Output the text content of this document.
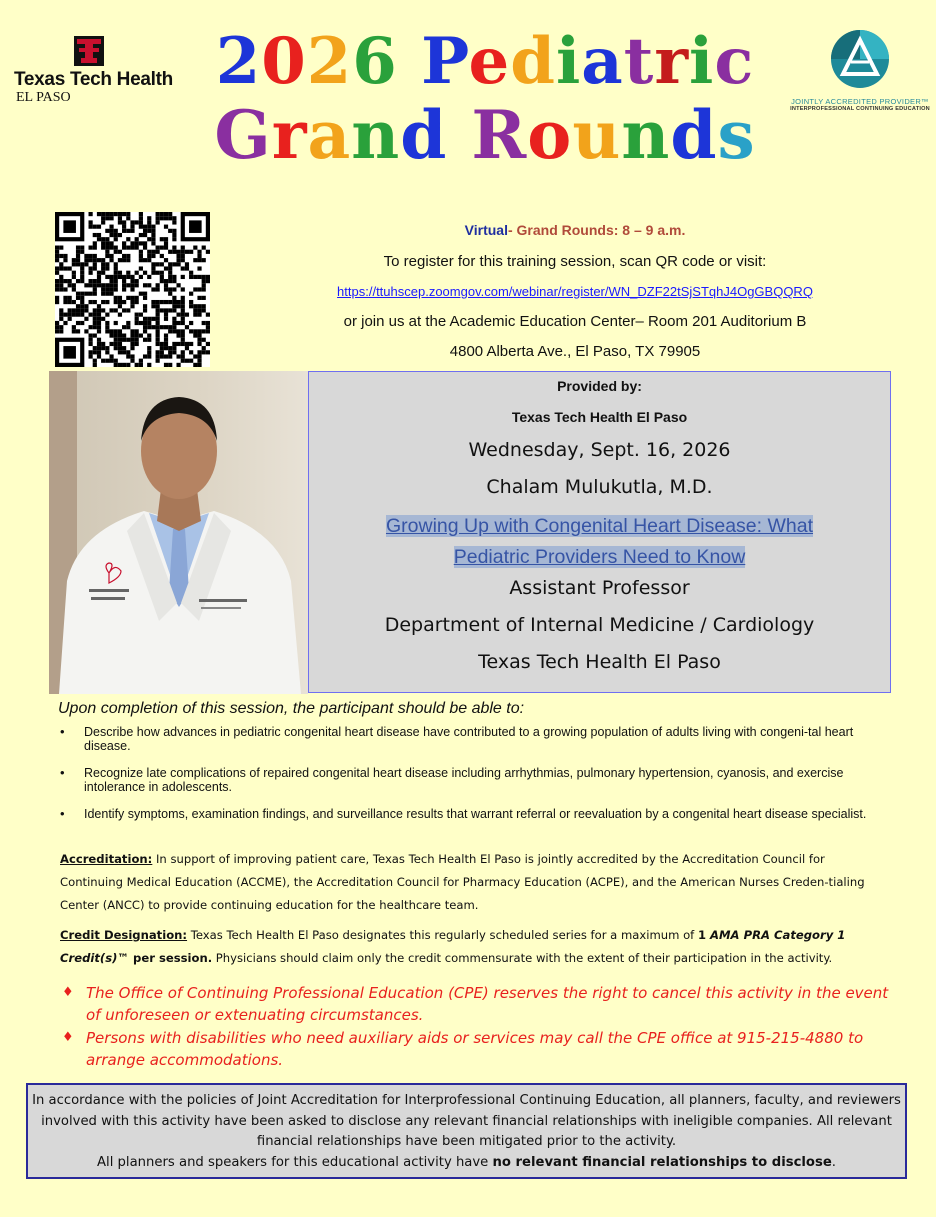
Texas Tech Health
EL PASO	2026 Pediatric
Grand Rounds	JOINTLY ACCREDITED PROVIDER™
INTERPROFESSIONAL CONTINUING EDUCATION
Virtual- Grand Rounds: 8 – 9 a.m.
To register for this training session, scan QR code or visit:
https://ttuhscep.zoomgov.com/webinar/register/WN_DZF22tSjSTqhJ4OgGBQQRQ
or join us at the Academic Education Center– Room 201 Auditorium B
4800 Alberta Ave., El Paso, TX 79905
Provided by:
Texas Tech Health El Paso
Wednesday, Sept. 16, 2026
Chalam Mulukutla, M.D.
Growing Up with Congenital Heart Disease: What
Pediatric Providers Need to Know
Assistant Professor
Department of Internal Medicine / Cardiology
Texas Tech Health El Paso
Upon completion of this session, the participant should be able to:
• Describe how advances in pediatric congenital heart disease have contributed to a growing population of adults living with congeni-tal heart disease.
• Recognize late complications of repaired congenital heart disease including arrhythmias, pulmonary hypertension, cyanosis, and exercise intolerance in adolescents.
• Identify symptoms, examination findings, and surveillance results that warrant referral or reevaluation by a congenital heart disease specialist.
Accreditation: In support of improving patient care, Texas Tech Health El Paso is jointly accredited by the Accreditation Council for Continuing Medical Education (ACCME), the Accreditation Council for Pharmacy Education (ACPE), and the American Nurses Creden-tialing Center (ANCC) to provide continuing education for the healthcare team.
Credit Designation: Texas Tech Health El Paso designates this regularly scheduled series for a maximum of 1 AMA PRA Category 1 Credit(s)™ per session. Physicians should claim only the credit commensurate with the extent of their participation in the activity.
♦ The Office of Continuing Professional Education (CPE) reserves the right to cancel this activity in the event of unforeseen or extenuating circumstances.
♦ Persons with disabilities who need auxiliary aids or services may call the CPE office at 915-215-4880 to arrange accommodations.
In accordance with the policies of Joint Accreditation for Interprofessional Continuing Education, all planners, faculty, and reviewers involved with this activity have been asked to disclose any relevant financial relationships with ineligible companies. All relevant financial relationships have been mitigated prior to the activity.
All planners and speakers for this educational activity have no relevant financial relationships to disclose.
